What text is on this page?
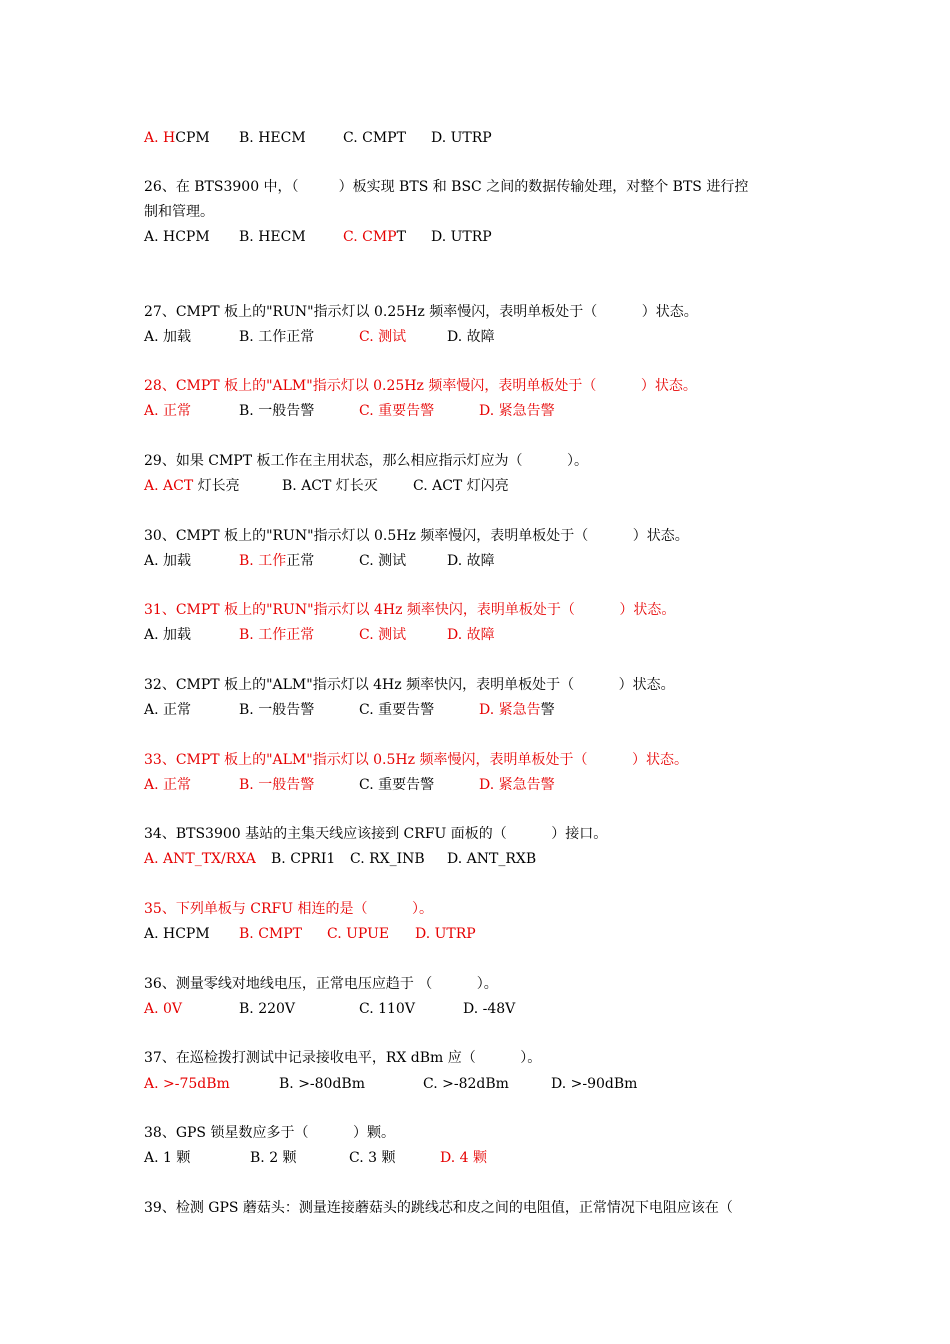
A. HCPM B. HECM	C. CMPT D. UTRP
26、在 BTS3900 中，（         ）板实现 BTS 和 BSC 之间的数据传输处理，对整个 BTS 进行控
制和管理。
A. HCPM B. HECM	C. CMPT D. UTRP
27、CMPT 板上的"RUN"指示灯以 0.25Hz 频率慢闪，表明单板处于（          ）状态。
A. 加载	B. 工作正常	C. 测试	D. 故障
28、CMPT 板上的"ALM"指示灯以 0.25Hz 频率慢闪，表明单板处于（          ）状态。
A. 正常	B. 一般告警	C. 重要告警	D. 紧急告警
29、如果 CMPT 板工作在主用状态，那么相应指示灯应为（          ）。
A. ACT 灯长亮	B. ACT 灯长灭	C. ACT 灯闪亮
30、CMPT 板上的"RUN"指示灯以 0.5Hz 频率慢闪，表明单板处于（          ）状态。
A. 加载	B. 工作正常	C. 测试	D. 故障
31、CMPT 板上的"RUN"指示灯以 4Hz 频率快闪，表明单板处于（          ）状态。
A. 加载	B. 工作正常	C. 测试	D. 故障
32、CMPT 板上的"ALM"指示灯以 4Hz 频率快闪，表明单板处于（          ）状态。
A. 正常	B. 一般告警	C. 重要告警	D. 紧急告警
33、CMPT 板上的"ALM"指示灯以 0.5Hz 频率慢闪，表明单板处于（          ）状态。
A. 正常	B. 一般告警	C. 重要告警	D. 紧急告警
34、BTS3900 基站的主集天线应该接到 CRFU 面板的（          ）接口。
A. ANT_TX/RXA B. CPRI1 C. RX_INB D. ANT_RXB
35、下列单板与 CRFU 相连的是（          ）。
A. HCPM B. CMPT C. UPUE D. UTRP
36、测量零线对地线电压，正常电压应趋于 （          ）。
A. 0V	B. 220V	C. 110V	D. -48V
37、在巡检拨打测试中记录接收电平，RX dBm 应（          ）。
A. >-75dBm	B. >-80dBm	C. >-82dBm	D. >-90dBm
38、GPS 锁星数应多于（          ）颗。
A. 1 颗	B. 2 颗	C. 3 颗	D. 4 颗
39、检测 GPS 蘑菇头：测量连接蘑菇头的跳线芯和皮之间的电阻值，正常情况下电阻应该在（
